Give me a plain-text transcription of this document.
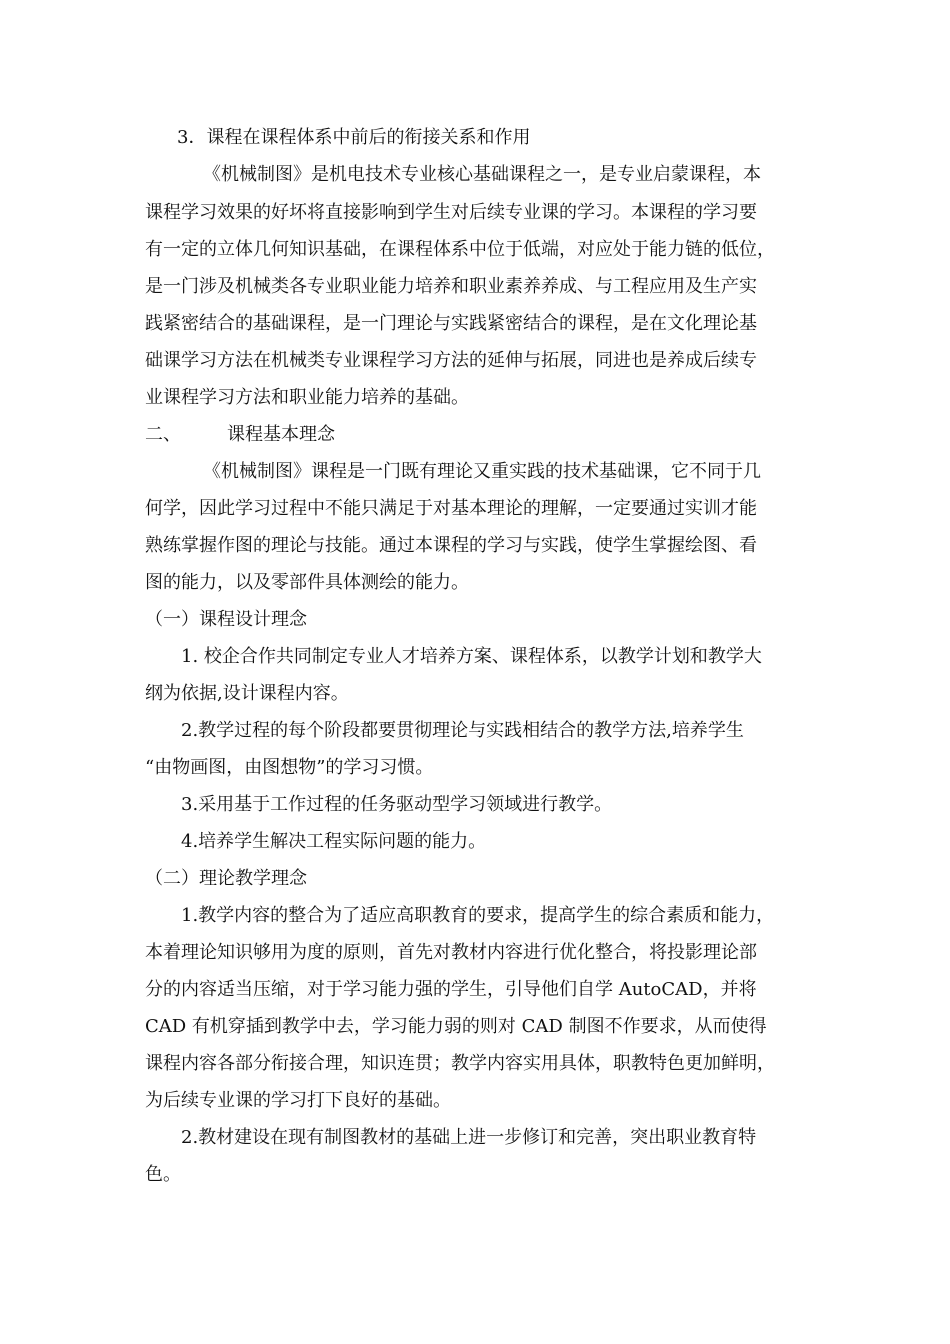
3．课程在课程体系中前后的衔接关系和作用

《机械制图》是机电技术专业核心基础课程之一，是专业启蒙课程，本

课程学习效果的好坏将直接影响到学生对后续专业课的学习。本课程的学习要

有一定的立体几何知识基础，在课程体系中位于低端，对应处于能力链的低位，

是一门涉及机械类各专业职业能力培养和职业素养养成、与工程应用及生产实

践紧密结合的基础课程，是一门理论与实践紧密结合的课程，是在文化理论基

础课学习方法在机械类专业课程学习方法的延伸与拓展，同进也是养成后续专

业课程学习方法和职业能力培养的基础。

二、	课程基本理念

《机械制图》课程是一门既有理论又重实践的技术基础课，它不同于几

何学，因此学习过程中不能只满足于对基本理论的理解，一定要通过实训才能

熟练掌握作图的理论与技能。通过本课程的学习与实践，使学生掌握绘图、看

图的能力，以及零部件具体测绘的能力。

（一）课程设计理念

1. 校企合作共同制定专业人才培养方案、课程体系，以教学计划和教学大

纲为依据,设计课程内容。

2.教学过程的每个阶段都要贯彻理论与实践相结合的教学方法,培养学生

“由物画图，由图想物”的学习习惯。

3.采用基于工作过程的任务驱动型学习领域进行教学。

4.培养学生解决工程实际问题的能力。

（二）理论教学理念

1.教学内容的整合为了适应高职教育的要求，提高学生的综合素质和能力，

本着理论知识够用为度的原则，首先对教材内容进行优化整合，将投影理论部

分的内容适当压缩，对于学习能力强的学生，引导他们自学 AutoCAD，并将

CAD 有机穿插到教学中去，学习能力弱的则对 CAD 制图不作要求，从而使得

课程内容各部分衔接合理，知识连贯；教学内容实用具体，职教特色更加鲜明，

为后续专业课的学习打下良好的基础。

2.教材建设在现有制图教材的基础上进一步修订和完善，突出职业教育特

色。
